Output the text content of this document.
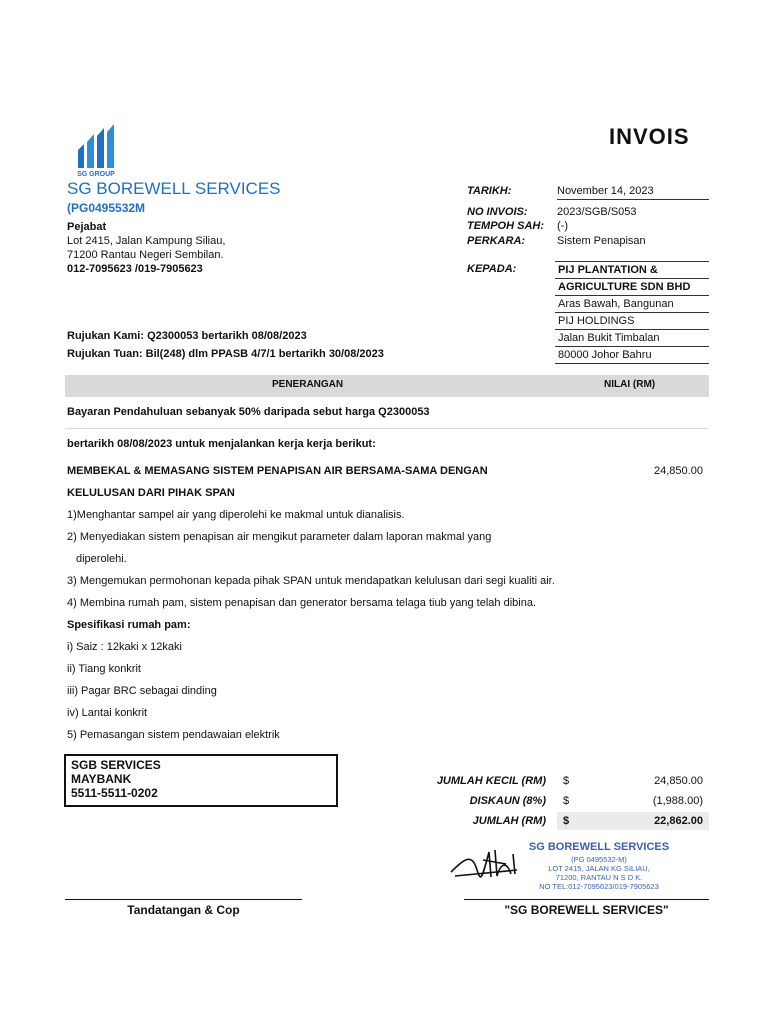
SG GROUP
SG BOREWELL SERVICES
(PG0495532M
Pejabat
Lot 2415, Jalan Kampung Siliau,
71200 Rantau Negeri Sembilan.
012-7095623 /019-7905623
INVOIS
TARIKH:	November 14, 2023
NO INVOIS:	2023/SGB/S053
TEMPOH SAH: (-)
PERKARA:	Sistem Penapisan
KEPADA:	PIJ PLANTATION &
AGRICULTURE SDN BHD
Aras Bawah, Bangunan
PIJ HOLDINGS
Jalan Bukit Timbalan
80000 Johor Bahru
Rujukan Kami: Q2300053 bertarikh 08/08/2023
Rujukan Tuan: Bil(248) dlm PPASB 4/7/1 bertarikh 30/08/2023
PENERANGAN	NILAI (RM)
Bayaran Pendahuluan sebanyak 50% daripada sebut harga Q2300053
bertarikh 08/08/2023 untuk menjalankan kerja kerja berikut:
MEMBEKAL & MEMASANG SISTEM PENAPISAN AIR BERSAMA-SAMA DENGAN	24,850.00
KELULUSAN DARI PIHAK SPAN
1)Menghantar sampel air yang diperolehi ke makmal untuk dianalisis.
2) Menyediakan sistem penapisan air mengikut parameter dalam laporan makmal yang
diperolehi.
3) Mengemukan permohonan kepada pihak SPAN untuk mendapatkan kelulusan dari segi kualiti air.
4) Membina rumah pam, sistem penapisan dan generator bersama telaga tiub yang telah dibina.
Spesifikasi rumah pam:
i) Saiz : 12kaki x 12kaki
ii) Tiang konkrit
iii) Pagar BRC sebagai dinding
iv) Lantai konkrit
5) Pemasangan sistem pendawaian elektrik
SGB SERVICES
MAYBANK
5511-5511-0202
JUMLAH KECIL (RM) $	24,850.00
DISKAUN (8%) $	(1,988.00)
JUMLAH (RM) $	22,862.00
SG BOREWELL SERVICES
(PG 0495532-M)
LOT 2415, JALAN KG SILIAU,
71200, RANTAU N S D K.
NO TEL:012-7095623/019-7905623
Tandatangan & Cop	"SG BOREWELL SERVICES"
